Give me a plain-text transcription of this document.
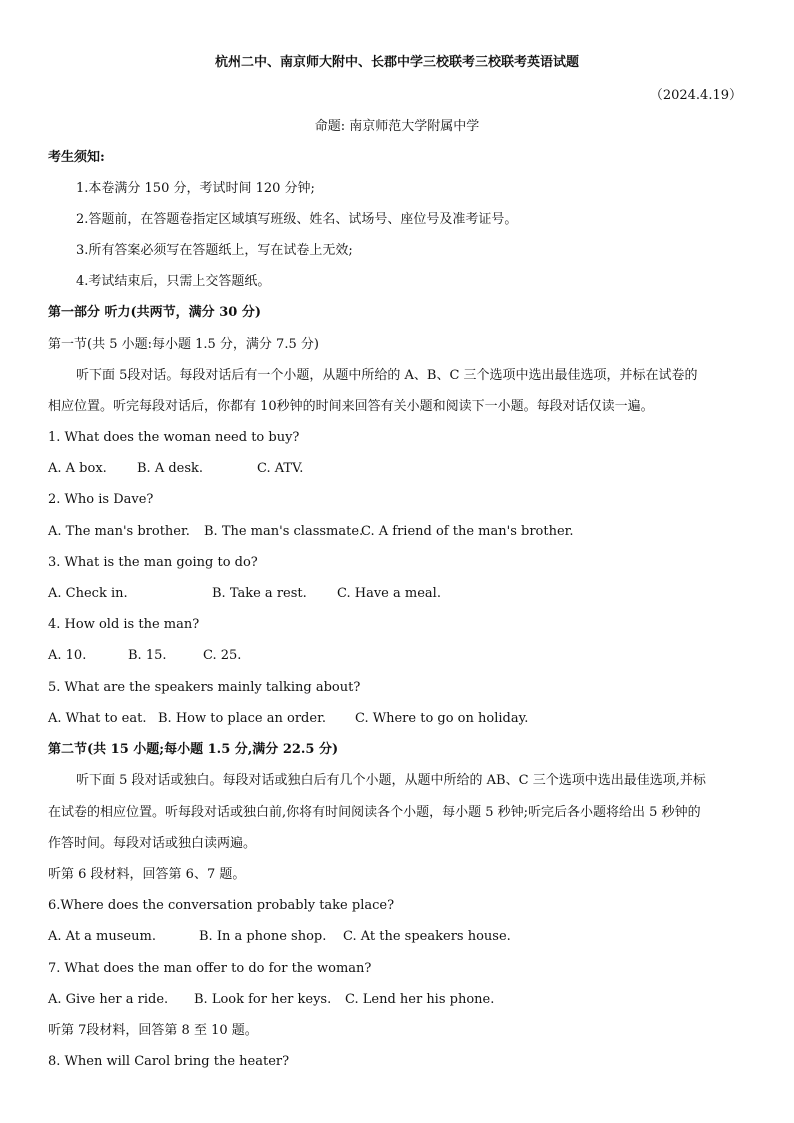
杭州二中、南京师大附中、长郡中学三校联考三校联考英语试题
（2024.4.19）
命题: 南京师范大学附属中学
考生须知:
1.本卷满分 150 分，考试时间 120 分钟;
2.答题前，在答题卷指定区域填写班级、姓名、试场号、座位号及准考证号。
3.所有答案必须写在答题纸上，写在试卷上无效;
4.考试结束后，只需上交答题纸。
第一部分 听力(共两节，满分 30 分)
第一节(共 5 小题:每小题 1.5 分，满分 7.5 分)
听下面 5段对话。每段对话后有一个小题，从题中所给的 A、B、C 三个选项中选出最佳选项，并标在试卷的
相应位置。听完每段对话后，你都有 10秒钟的时间来回答有关小题和阅读下一小题。每段对话仅读一遍。
1. What does the woman need to buy?
A. A box. B. A desk.	C. ATV.
2. Who is Dave?
A. The man's brother. B. The man's classmate.
C. A friend of the man's brother.
3. What is the man going to do?
A. Check in.	B. Take a rest. C. Have a meal.
4. How old is the man?
A. 10.	B. 15.	C. 25.
5. What are the speakers mainly talking about?
A. What to eat. B. How to place an order. C. Where to go on holiday.
第二节(共 15 小题;每小题 1.5 分,满分 22.5 分)
听下面 5 段对话或独白。每段对话或独白后有几个小题，从题中所给的 AB、C 三个选项中选出最佳选项,并标
在试卷的相应位置。听每段对话或独白前,你将有时间阅读各个小题，每小题 5 秒钟;听完后各小题将给出 5 秒钟的
作答时间。每段对话或独白读两遍。
听第 6 段材料，回答第 6、7 题。
6.Where does the conversation probably take place?
A. At a museum.	B. In a phone shop. C. At the speakers house.
7. What does the man offer to do for the woman?
A. Give her a ride. B. Look for her keys. C. Lend her his phone.
听第 7段材料，回答第 8 至 10 题。
8. When will Carol bring the heater?
